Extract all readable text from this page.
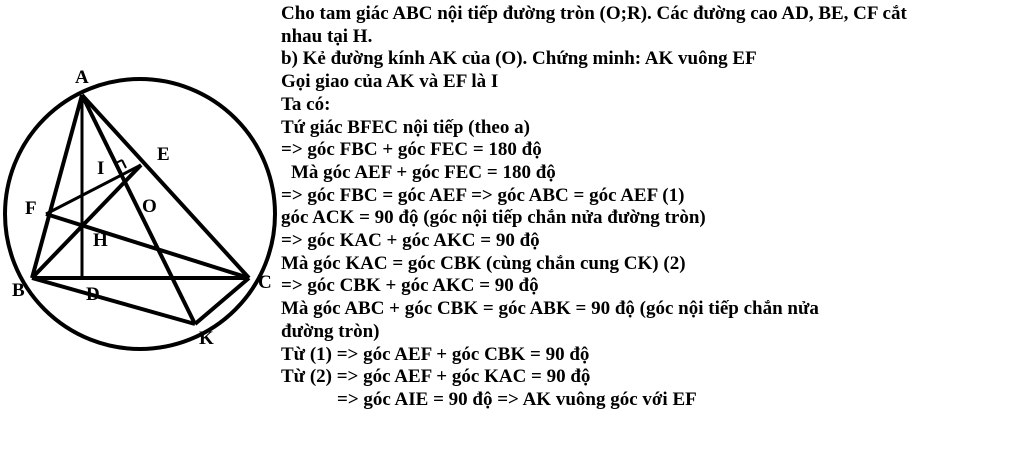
A
B	C
D
E
F
H
I
O
K
Cho tam giác ABC nội tiếp đường tròn (O;R). Các đường cao AD, BE, CF cắt
nhau tại H.
b) Kẻ đường kính AK của (O). Chứng minh: AK vuông EF
Gọi giao của AK và EF là I
Ta có:
Tứ giác BFEC nội tiếp (theo a)
=> góc FBC + góc FEC = 180 độ
Mà góc AEF + góc FEC = 180 độ
=> góc FBC = góc AEF => góc ABC = góc AEF (1)
góc ACK = 90 độ (góc nội tiếp chắn nửa đường tròn)
=> góc KAC + góc AKC = 90 độ
Mà góc KAC = góc CBK (cùng chắn cung CK) (2)
=> góc CBK + góc AKC = 90 độ
Mà góc ABC + góc CBK = góc ABK = 90 độ (góc nội tiếp chắn nửa
đường tròn)
Từ (1) => góc AEF + góc CBK = 90 độ
Từ (2) => góc AEF + góc KAC = 90 độ
=> góc AIE = 90 độ => AK vuông góc với EF
